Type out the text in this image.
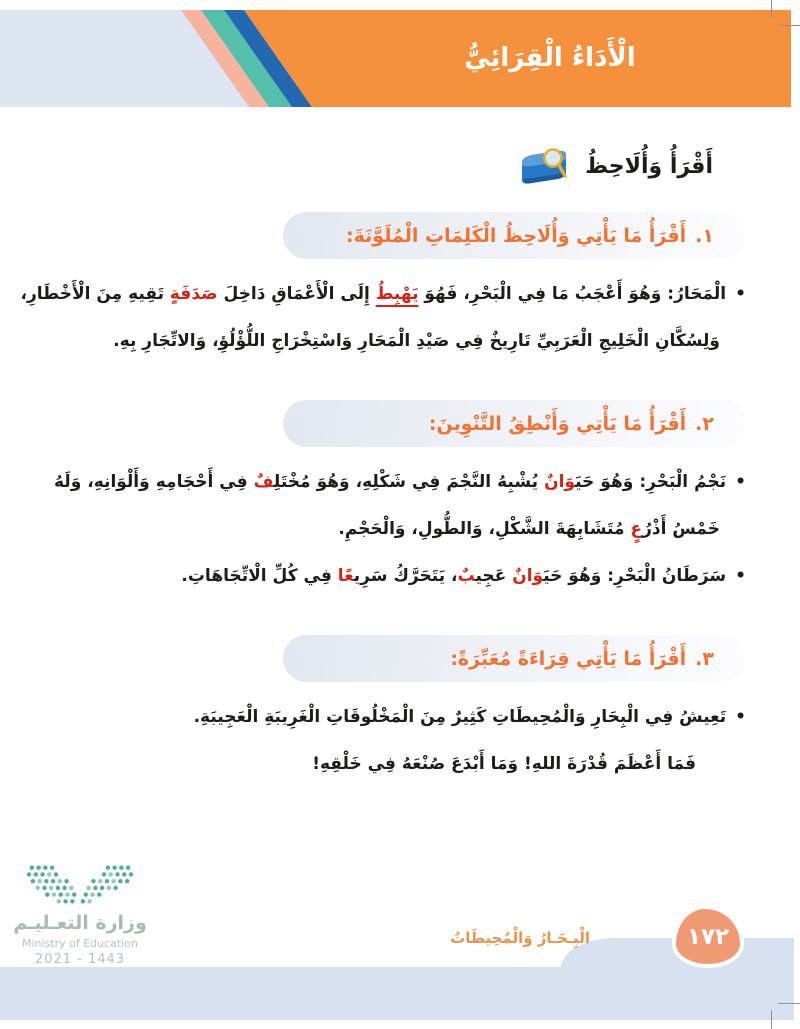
الْأَدَاءُ الْقِرَائِيُّ
أَقْرَأُ وَأُلَاحِظُ
١.
أَقْرَأُ مَا يَأْتِي وَأُلَاحِظُ الْكَلِمَاتِ الْمُلَوَّنَةَ:
•الْمَحَارُ: وَهُوَ أَعْجَبُ مَا فِي الْبَحْرِ، فَهُوَ يَهْبِطُ إِلَى الْأَعْمَاقِ دَاخِلَ صَدَفَةٍ تَقِيهِ مِنَ الْأَخْطَارِ،
وَلِسُكَّانِ الْخَلِيجِ الْعَرَبِيِّ تَارِيخٌ فِي صَيْدِ الْمَحَارِ وَاسْتِخْرَاجِ اللُّؤْلُؤِ، وَالاتِّجَارِ بِهِ.
٢.
أَقْرَأُ مَا يَأْتِي وَأَنْطِقُ التَّنْوِينَ:
•نَجْمُ الْبَحْرِ: وَهُوَ حَيَوَانٌ يُشْبِهُ النَّجْمَ فِي شَكْلِهِ، وَهُوَ مُخْتَلِفٌ فِي أَحْجَامِهِ وَأَلْوَانِهِ، وَلَهُ
خَمْسُ أَذْرُعٍ مُتَشَابِهَةَ الشَّكْلِ، وَالطُّولِ، وَالْحَجْمِ.
•سَرَطَانُ الْبَحْرِ: وَهُوَ حَيَوَانٌ عَجِيبٌ، يَتَحَرَّكُ سَرِيعًا فِي كُلِّ الْاتِّجَاهَاتِ.
٣.
أَقْرَأُ مَا يَأْتِي قِرَاءَةً مُعَبِّرَةً:
•تَعِيشُ فِي الْبِحَارِ وَالْمُحِيطَاتِ كَثِيرٌ مِنَ الْمَخْلُوقَاتِ الْغَرِيبَةِ الْعَجِيبَةِ.
فَمَا أَعْظَمَ قُدْرَةَ اللهِ! وَمَا أَبْدَعَ صُنْعَهُ فِي خَلْقِهِ!
الْبِـحَـارُ وَالْمُحِيطَاتُ	١٧٢
وزارة التعـليـم
Ministry of Education
2021 - 1443
